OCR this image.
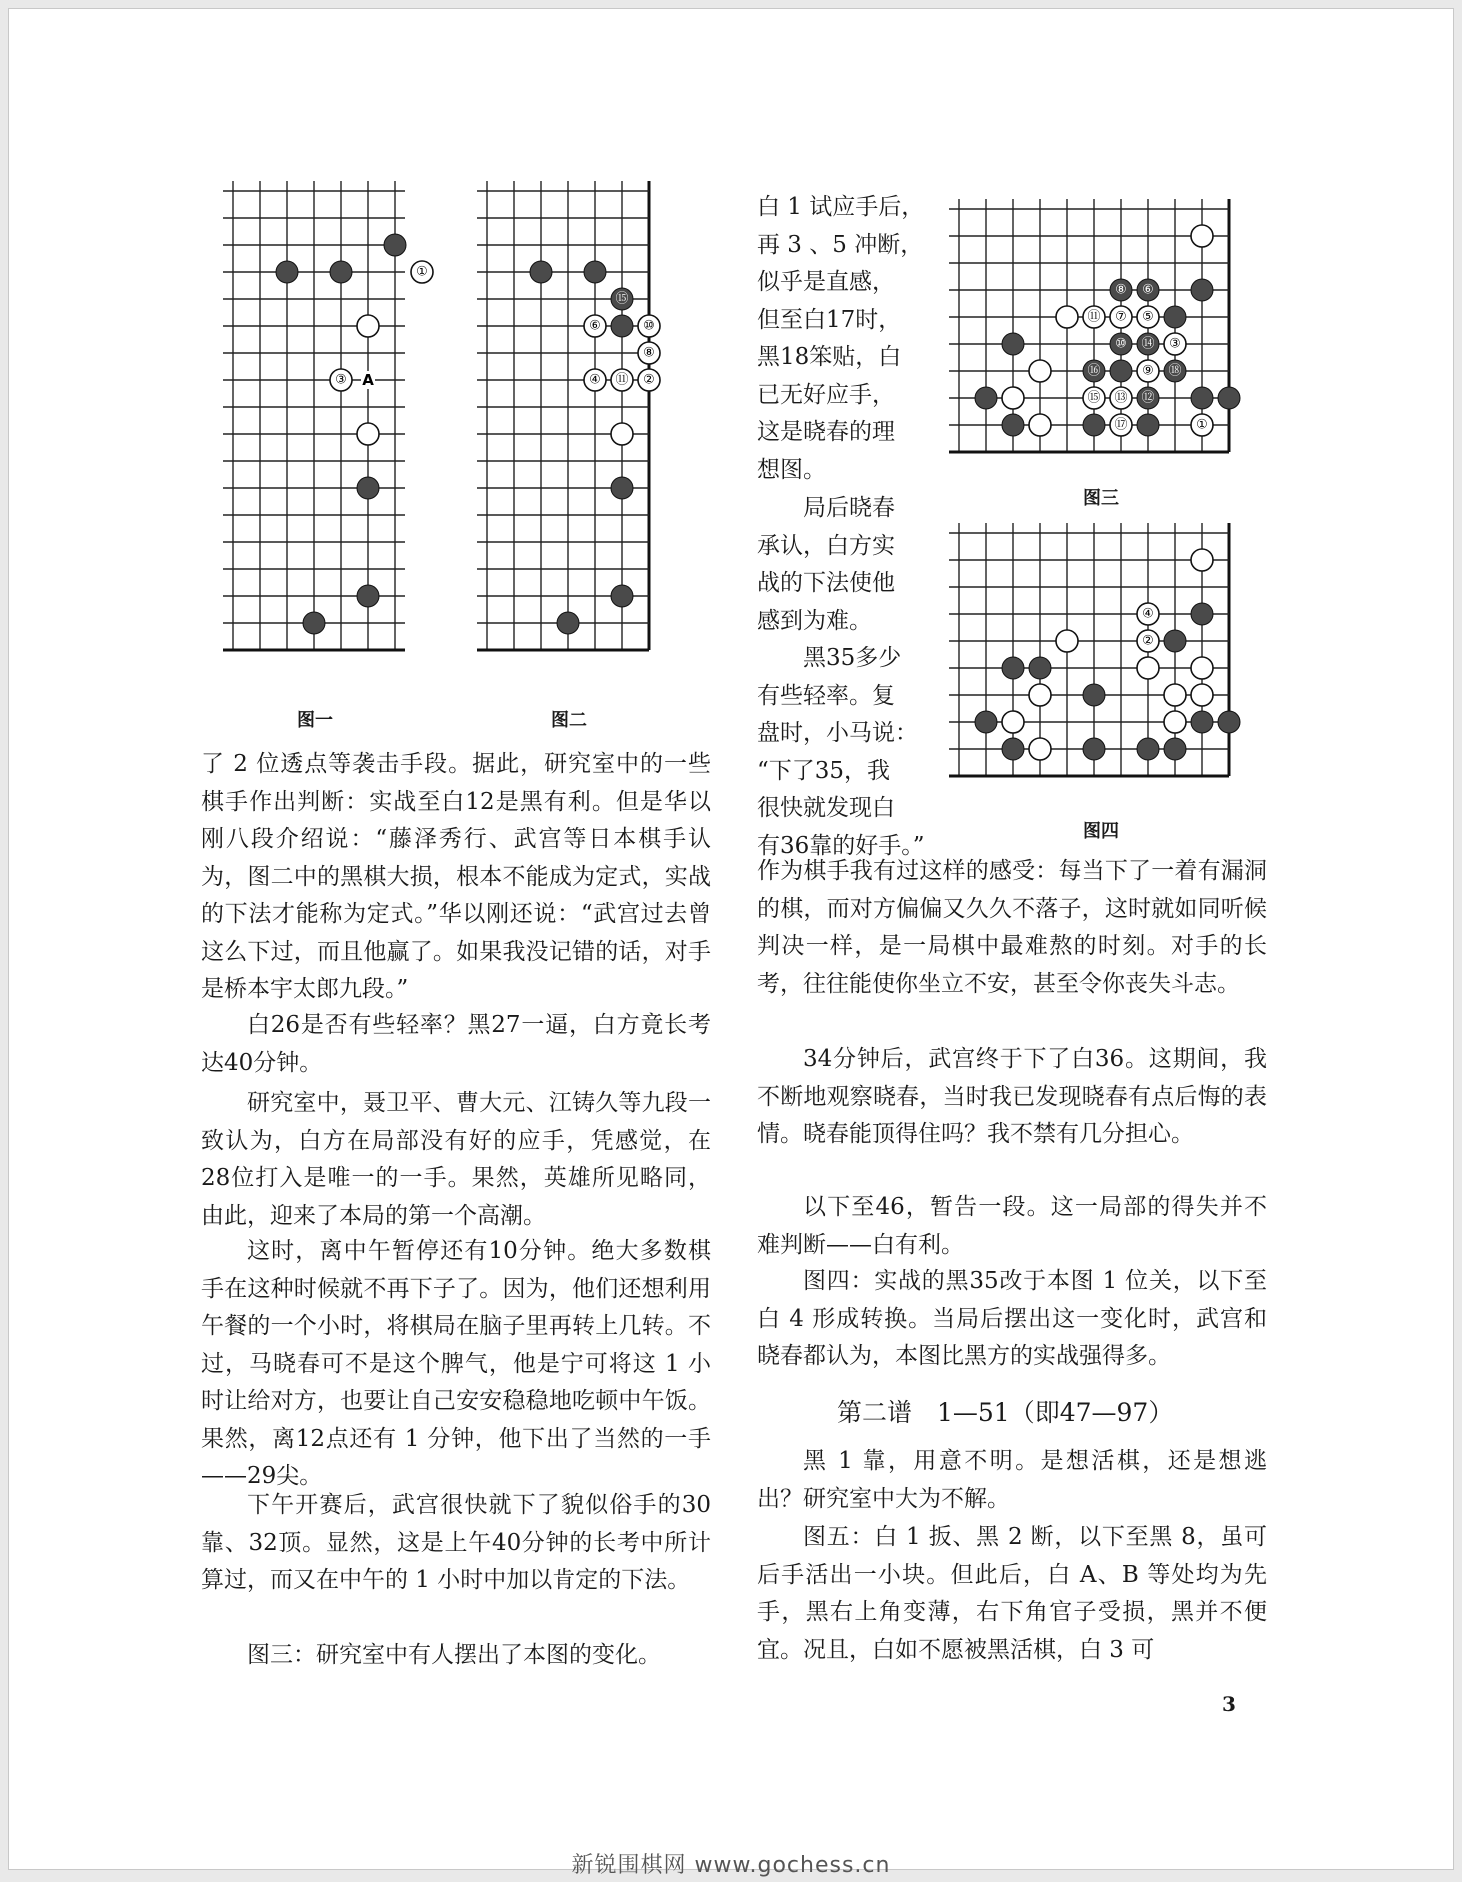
①
③ A
图一
⑮
⑥	⑩
⑧
④ ⑪ ②
图二
⑧ ⑥
⑪ ⑦ ⑤
⑩ ⑭ ③
⑯	⑨ ⑱
⑮ ⑬ ⑫
⑰	①
图三
④
②
图四
白 1 试应手后，
再 3 、5 冲断，
似乎是直感，
但至白17时，
黑18笨贴，白
已无好应手，
这是晓春的理
想图。
局后晓春
承认，白方实
战的下法使他
感到为难。
黑35多少
有些轻率。复
盘时，小马说：
“下了35，我
很快就发现白
有36靠的好手。”

了 2 位透点等袭击手段。据此，研究室中的一些棋手作出判断：实战至白12是黑有利。但是华以刚八段介绍说：“藤泽秀行、武宫等日本棋手认为，图二中的黑棋大损，根本不能成为定式，实战的下法才能称为定式。”华以刚还说：“武宫过去曾这么下过，而且他赢了。如果我没记错的话，对手是桥本宇太郎九段。”

白26是否有些轻率？黑27一逼，白方竟长考达40分钟。

研究室中，聂卫平、曹大元、江铸久等九段一致认为，白方在局部没有好的应手，凭感觉，在28位打入是唯一的一手。果然，英雄所见略同，由此，迎来了本局的第一个高潮。

这时，离中午暂停还有10分钟。绝大多数棋手在这种时候就不再下子了。因为，他们还想利用午餐的一个小时，将棋局在脑子里再转上几转。不过，马晓春可不是这个脾气，他是宁可将这 1 小时让给对方，也要让自己安安稳稳地吃顿中午饭。果然，离12点还有 1 分钟，他下出了当然的一手——29尖。

下午开赛后，武宫很快就下了貌似俗手的30靠、32顶。显然，这是上午40分钟的长考中所计算过，而又在中午的 1 小时中加以肯定的下法。

图三：研究室中有人摆出了本图的变化。

作为棋手我有过这样的感受：每当下了一着有漏洞的棋，而对方偏偏又久久不落子，这时就如同听候判决一样，是一局棋中最难熬的时刻。对手的长考，往往能使你坐立不安，甚至令你丧失斗志。

34分钟后，武宫终于下了白36。这期间，我不断地观察晓春，当时我已发现晓春有点后悔的表情。晓春能顶得住吗？我不禁有几分担心。

以下至46，暂告一段。这一局部的得失并不难判断——白有利。

图四：实战的黑35改于本图 1 位关，以下至白 4 形成转换。当局后摆出这一变化时，武宫和晓春都认为，本图比黑方的实战强得多。

第二谱　1—51（即47—97）

黑 1 靠，用意不明。是想活棋，还是想逃出？研究室中大为不解。

图五：白 1 扳、黑 2 断，以下至黑 8，虽可后手活出一小块。但此后，白 A、B 等处均为先手，黑右上角变薄，右下角官子受损，黑并不便宜。况且，白如不愿被黑活棋，白 3 可

3
新锐围棋网 www.gochess.cn
